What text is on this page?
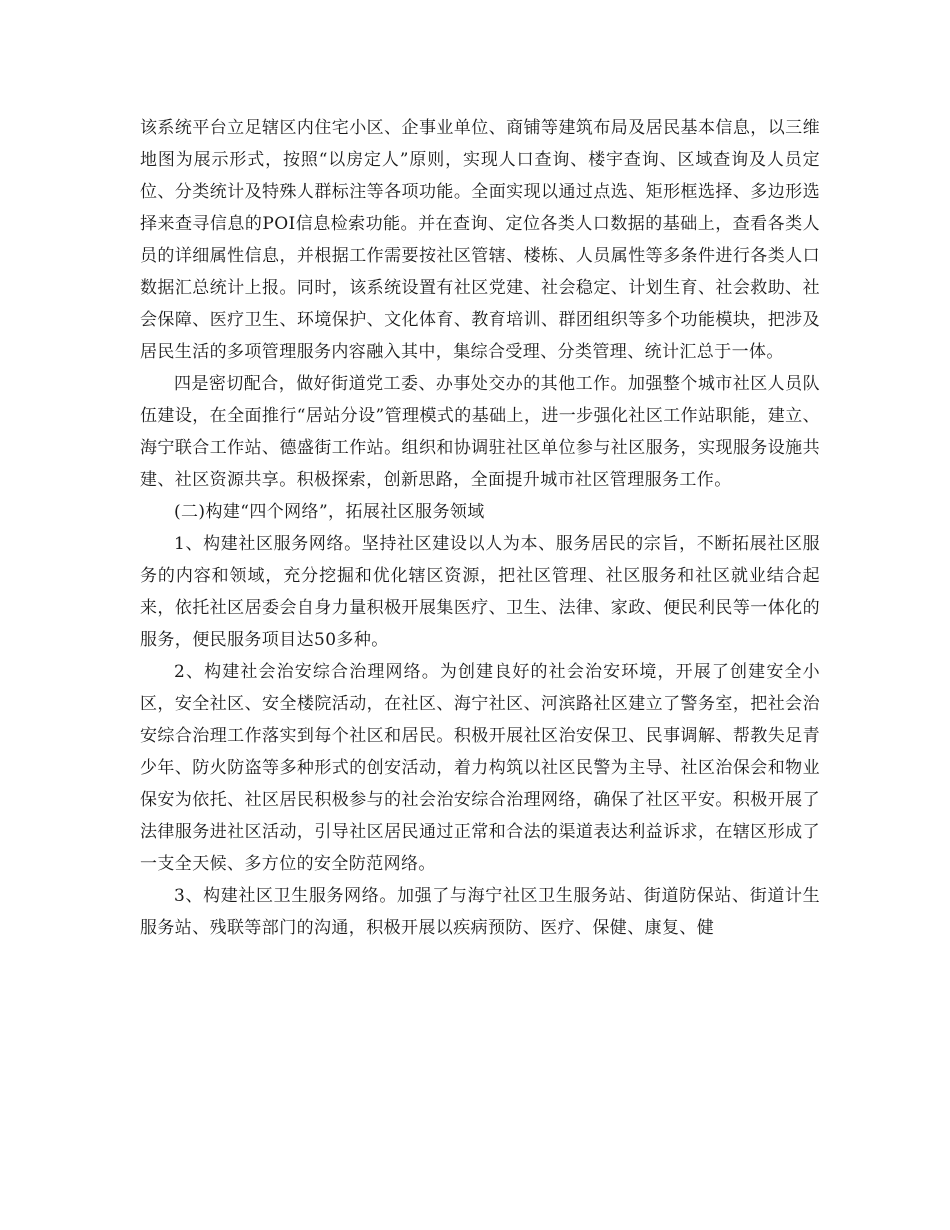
该系统平台立足辖区内住宅小区、企事业单位、商铺等建筑布局及居民基本信息，以三维地图为展示形式，按照“以房定人”原则，实现人口查询、楼宇查询、区域查询及人员定位、分类统计及特殊人群标注等各项功能。全面实现以通过点选、矩形框选择、多边形选择来查寻信息的POI信息检索功能。并在查询、定位各类人口数据的基础上，查看各类人员的详细属性信息，并根据工作需要按社区管辖、楼栋、人员属性等多条件进行各类人口数据汇总统计上报。同时，该系统设置有社区党建、社会稳定、计划生育、社会救助、社会保障、医疗卫生、环境保护、文化体育、教育培训、群团组织等多个功能模块，把涉及居民生活的多项管理服务内容融入其中，集综合受理、分类管理、统计汇总于一体。

四是密切配合，做好街道党工委、办事处交办的其他工作。加强整个城市社区人员队伍建设，在全面推行“居站分设”管理模式的基础上，进一步强化社区工作站职能，建立、海宁联合工作站、德盛街工作站。组织和协调驻社区单位参与社区服务，实现服务设施共建、社区资源共享。积极探索，创新思路，全面提升城市社区管理服务工作。

(二)构建“四个网络”，拓展社区服务领域

1、构建社区服务网络。坚持社区建设以人为本、服务居民的宗旨，不断拓展社区服务的内容和领域，充分挖掘和优化辖区资源，把社区管理、社区服务和社区就业结合起来，依托社区居委会自身力量积极开展集医疗、卫生、法律、家政、便民利民等一体化的服务，便民服务项目达50多种。

2、构建社会治安综合治理网络。为创建良好的社会治安环境，开展了创建安全小区，安全社区、安全楼院活动，在社区、海宁社区、河滨路社区建立了警务室，把社会治安综合治理工作落实到每个社区和居民。积极开展社区治安保卫、民事调解、帮教失足青少年、防火防盗等多种形式的创安活动，着力构筑以社区民警为主导、社区治保会和物业保安为依托、社区居民积极参与的社会治安综合治理网络，确保了社区平安。积极开展了法律服务进社区活动，引导社区居民通过正常和合法的渠道表达利益诉求，在辖区形成了一支全天候、多方位的安全防范网络。

3、构建社区卫生服务网络。加强了与海宁社区卫生服务站、街道防保站、街道计生服务站、残联等部门的沟通，积极开展以疾病预防、医疗、保健、康复、健
